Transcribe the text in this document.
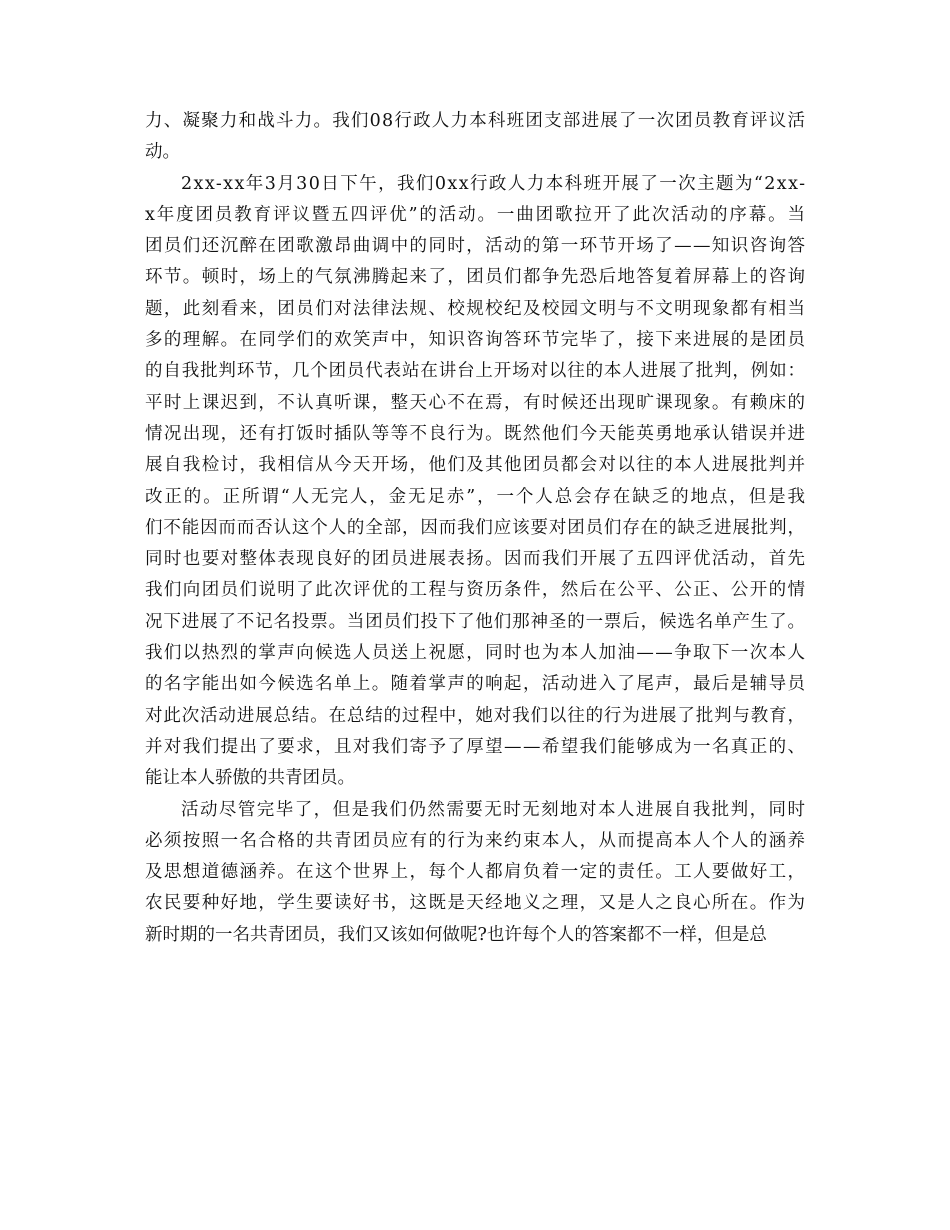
力、凝聚力和战斗力。我们08行政人力本科班团支部进展了一次团员教育评议活
动。
2xx-xx年3月30日下午，我们0xx行政人力本科班开展了一次主题为“2xx-
x年度团员教育评议暨五四评优”的活动。一曲团歌拉开了此次活动的序幕。当
团员们还沉醉在团歌激昂曲调中的同时，活动的第一环节开场了——知识咨询答
环节。顿时，场上的气氛沸腾起来了，团员们都争先恐后地答复着屏幕上的咨询
题，此刻看来，团员们对法律法规、校规校纪及校园文明与不文明现象都有相当
多的理解。在同学们的欢笑声中，知识咨询答环节完毕了，接下来进展的是团员
的自我批判环节，几个团员代表站在讲台上开场对以往的本人进展了批判，例如：
平时上课迟到，不认真听课，整天心不在焉，有时候还出现旷课现象。有赖床的
情况出现，还有打饭时插队等等不良行为。既然他们今天能英勇地承认错误并进
展自我检讨，我相信从今天开场，他们及其他团员都会对以往的本人进展批判并
改正的。正所谓“人无完人，金无足赤”，一个人总会存在缺乏的地点，但是我
们不能因而而否认这个人的全部，因而我们应该要对团员们存在的缺乏进展批判，
同时也要对整体表现良好的团员进展表扬。因而我们开展了五四评优活动，首先
我们向团员们说明了此次评优的工程与资历条件，然后在公平、公正、公开的情
况下进展了不记名投票。当团员们投下了他们那神圣的一票后，候选名单产生了。
我们以热烈的掌声向候选人员送上祝愿，同时也为本人加油——争取下一次本人
的名字能出如今候选名单上。随着掌声的响起，活动进入了尾声，最后是辅导员
对此次活动进展总结。在总结的过程中，她对我们以往的行为进展了批判与教育，
并对我们提出了要求，且对我们寄予了厚望——希望我们能够成为一名真正的、
能让本人骄傲的共青团员。
活动尽管完毕了，但是我们仍然需要无时无刻地对本人进展自我批判，同时
必须按照一名合格的共青团员应有的行为来约束本人，从而提高本人个人的涵养
及思想道德涵养。在这个世界上，每个人都肩负着一定的责任。工人要做好工，
农民要种好地，学生要读好书，这既是天经地义之理，又是人之良心所在。作为
新时期的一名共青团员，我们又该如何做呢?也许每个人的答案都不一样，但是总
